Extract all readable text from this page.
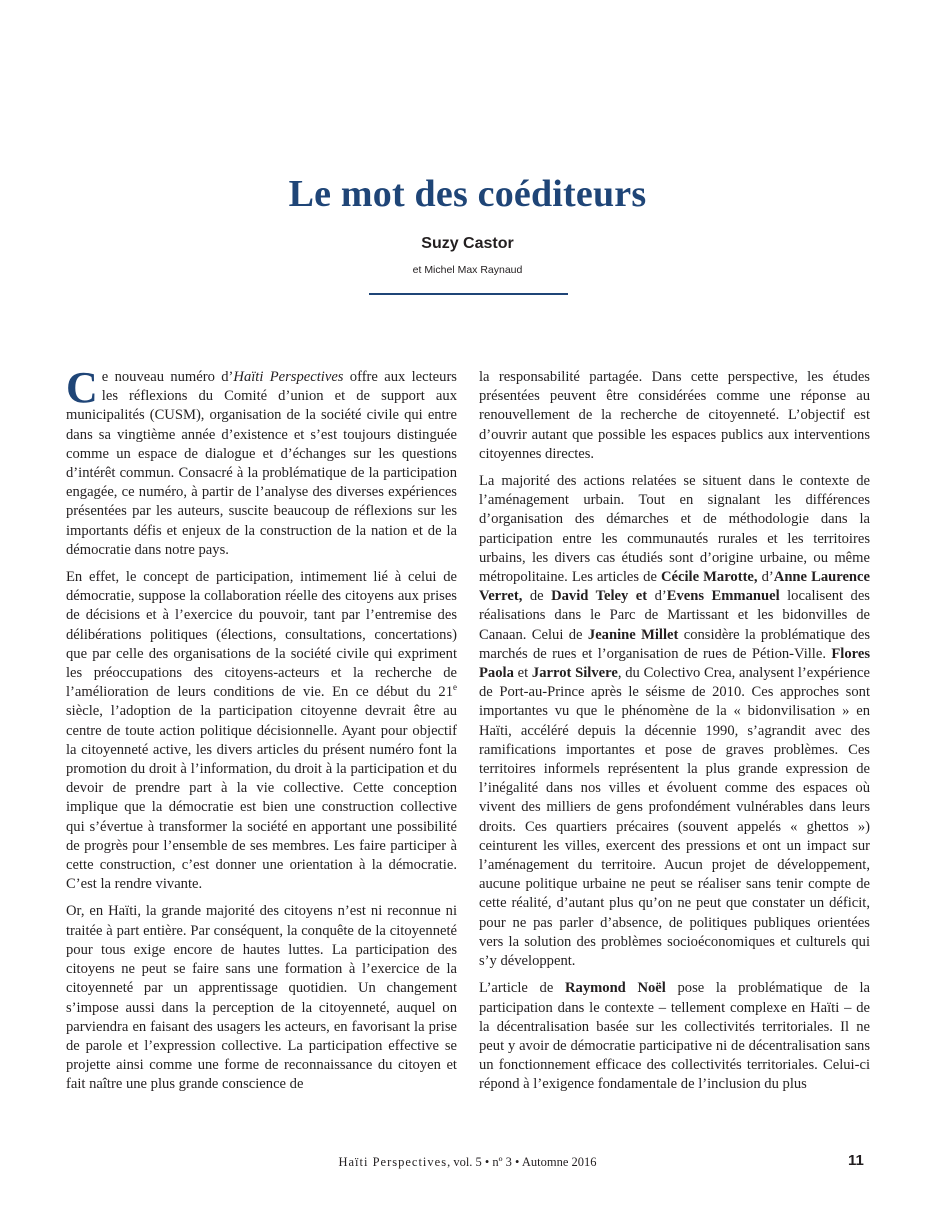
Le mot des coéditeurs
Suzy Castor
et Michel Max Raynaud

Ce nouveau numéro d’Haïti Perspectives offre aux lecteurs les réflexions du Comité d’union et de support aux municipalités (CUSM), organisation de la société civile qui entre dans sa vingtième année d’existence et s’est toujours distinguée comme un espace de dialogue et d’échanges sur les questions d’intérêt commun. Consacré à la problématique de la participation engagée, ce numéro, à partir de l’analyse des diverses expériences présentées par les auteurs, suscite beaucoup de réflexions sur les importants défis et enjeux de la construction de la nation et de la démocratie dans notre pays.

En effet, le concept de participation, intimement lié à celui de démocratie, suppose la collaboration réelle des citoyens aux prises de décisions et à l’exercice du pouvoir, tant par l’entremise des délibérations politiques (élections, consultations, concertations) que par celle des organisations de la société civile qui expriment les préoccupations des citoyens-acteurs et la recherche de l’amélioration de leurs conditions de vie. En ce début du 21e siècle, l’adoption de la participation citoyenne devrait être au centre de toute action politique décisionnelle. Ayant pour objectif la citoyenneté active, les divers articles du présent numéro font la promotion du droit à l’information, du droit à la participation et du devoir de prendre part à la vie collective. Cette conception implique que la démocratie est bien une construction collective qui s’évertue à transformer la société en apportant une possibilité de progrès pour l’ensemble de ses membres. Les faire participer à cette construction, c’est donner une orientation à la démocratie. C’est la rendre vivante.

Or, en Haïti, la grande majorité des citoyens n’est ni reconnue ni traitée à part entière. Par conséquent, la conquête de la citoyenneté pour tous exige encore de hautes luttes. La participation des citoyens ne peut se faire sans une formation à l’exercice de la citoyenneté par un apprentissage quotidien. Un changement s’impose aussi dans la perception de la citoyenneté, auquel on parviendra en faisant des usagers les acteurs, en favorisant la prise de parole et l’expression collective. La participation effective se projette ainsi comme une forme de reconnaissance du citoyen et fait naître une plus grande conscience de

la responsabilité partagée. Dans cette perspective, les études présentées peuvent être considérées comme une réponse au renouvellement de la recherche de citoyenneté. L’objectif est d’ouvrir autant que possible les espaces publics aux interventions citoyennes directes.

La majorité des actions relatées se situent dans le contexte de l’aménagement urbain. Tout en signalant les différences d’organisation des démarches et de méthodologie dans la participation entre les communautés rurales et les territoires urbains, les divers cas étudiés sont d’origine urbaine, ou même métropolitaine. Les articles de Cécile Marotte, d’Anne Laurence Verret, de David Teley et d’Evens Emmanuel localisent des réalisations dans le Parc de Martissant et les bidonvilles de Canaan. Celui de Jeanine Millet considère la problématique des marchés de rues et l’organisation de rues de Pétion-Ville. Flores Paola et Jarrot Silvere, du Colectivo Crea, analysent l’expérience de Port-au-Prince après le séisme de 2010. Ces approches sont importantes vu que le phénomène de la « bidonvilisation » en Haïti, accéléré depuis la décennie 1990, s’agrandit avec des ramifications importantes et pose de graves problèmes. Ces territoires informels représentent la plus grande expression de l’inégalité dans nos villes et évoluent comme des espaces où vivent des milliers de gens profondément vulnérables dans leurs droits. Ces quartiers précaires (souvent appelés « ghettos ») ceinturent les villes, exercent des pressions et ont un impact sur l’aménagement du territoire. Aucun projet de développement, aucune politique urbaine ne peut se réaliser sans tenir compte de cette réalité, d’autant plus qu’on ne peut que constater un déficit, pour ne pas parler d’absence, de politiques publiques orientées vers la solution des problèmes socioéconomiques et culturels qui s’y développent.

L’article de Raymond Noël pose la problématique de la participation dans le contexte – tellement complexe en Haïti – de la décentralisation basée sur les collectivités territoriales. Il ne peut y avoir de démocratie participative ni de décentralisation sans un fonctionnement efficace des collectivités territoriales. Celui-ci répond à l’exigence fondamentale de l’inclusion du plus

Haïti Perspectives, vol. 5 • nº 3 • Automne 2016	11
